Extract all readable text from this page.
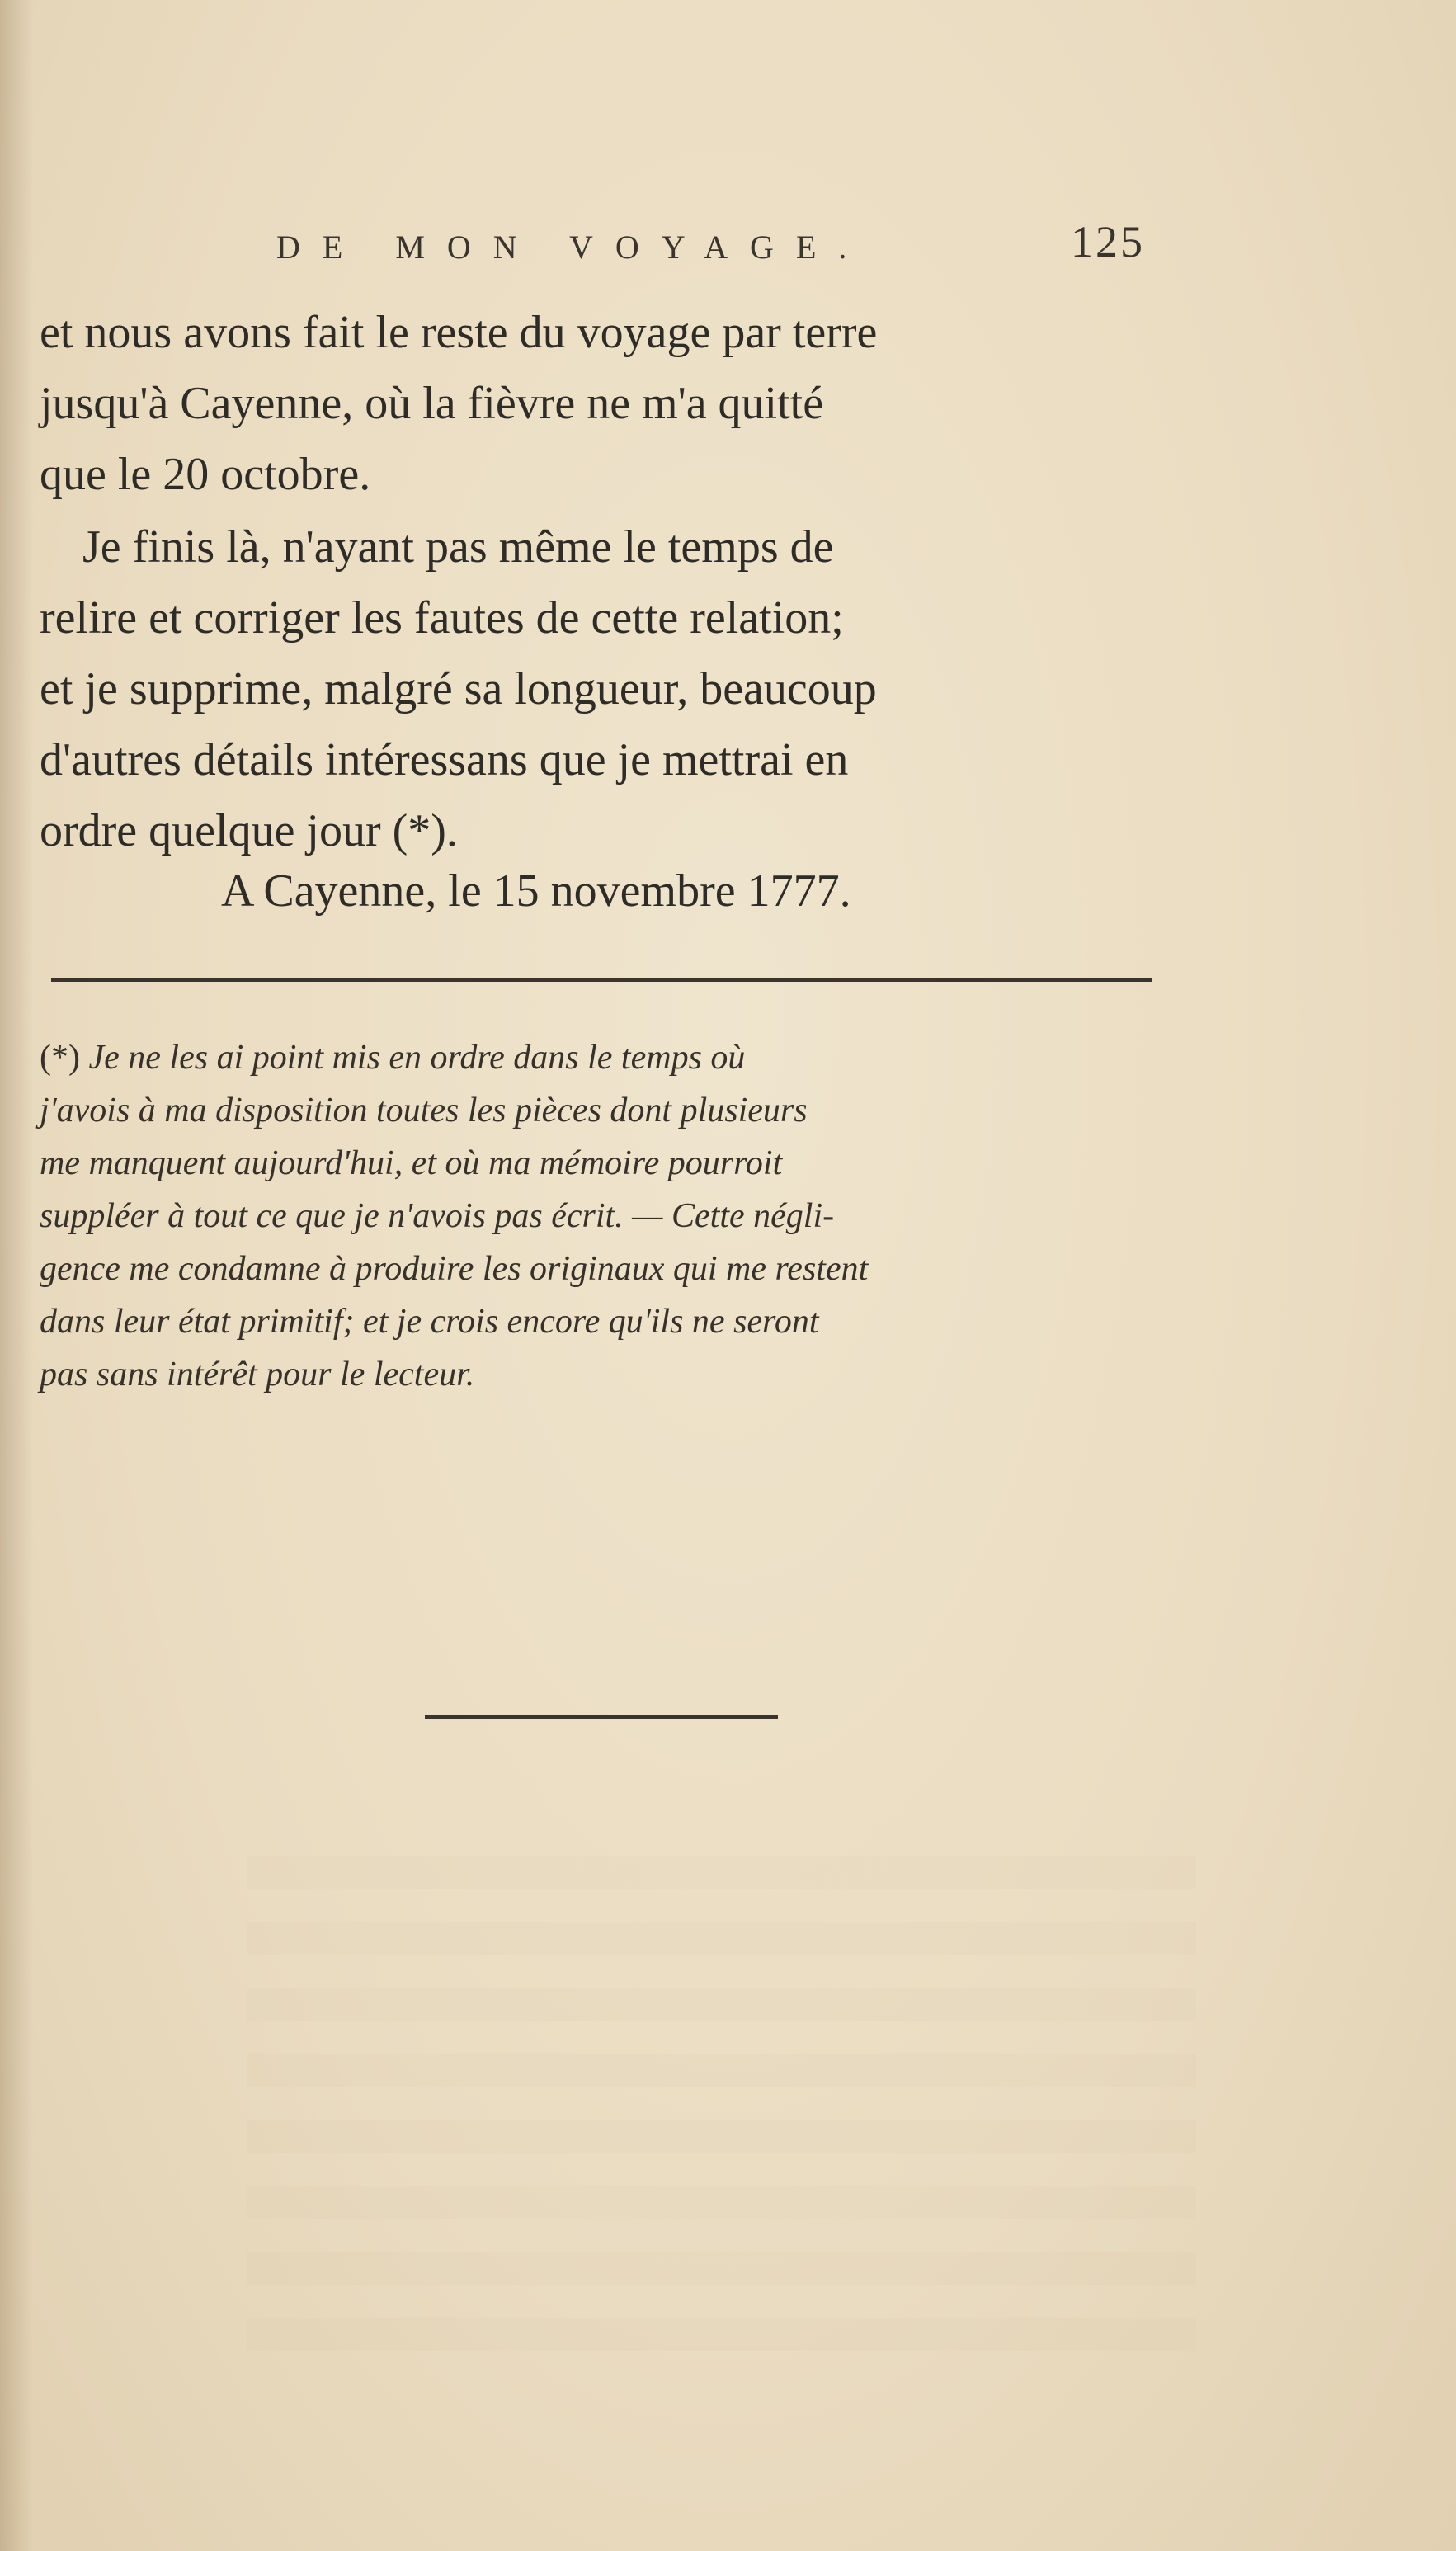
DE MON VOYAGE.	125
et nous avons fait le reste du voyage par terre
jusqu'à Cayenne, où la fièvre ne m'a quitté
que le 20 octobre.
Je finis là, n'ayant pas même le temps de
relire et corriger les fautes de cette relation;
et je supprime, malgré sa longueur, beaucoup
d'autres détails intéressans que je mettrai en
ordre quelque jour (*).
A Cayenne, le 15 novembre 1777.
(*) Je ne les ai point mis en ordre dans le temps où
j'avois à ma disposition toutes les pièces dont plusieurs
me manquent aujourd'hui, et où ma mémoire pourroit
suppléer à tout ce que je n'avois pas écrit. — Cette négli-
gence me condamne à produire les originaux qui me restent
dans leur état primitif; et je crois encore qu'ils ne seront
pas sans intérêt pour le lecteur.
